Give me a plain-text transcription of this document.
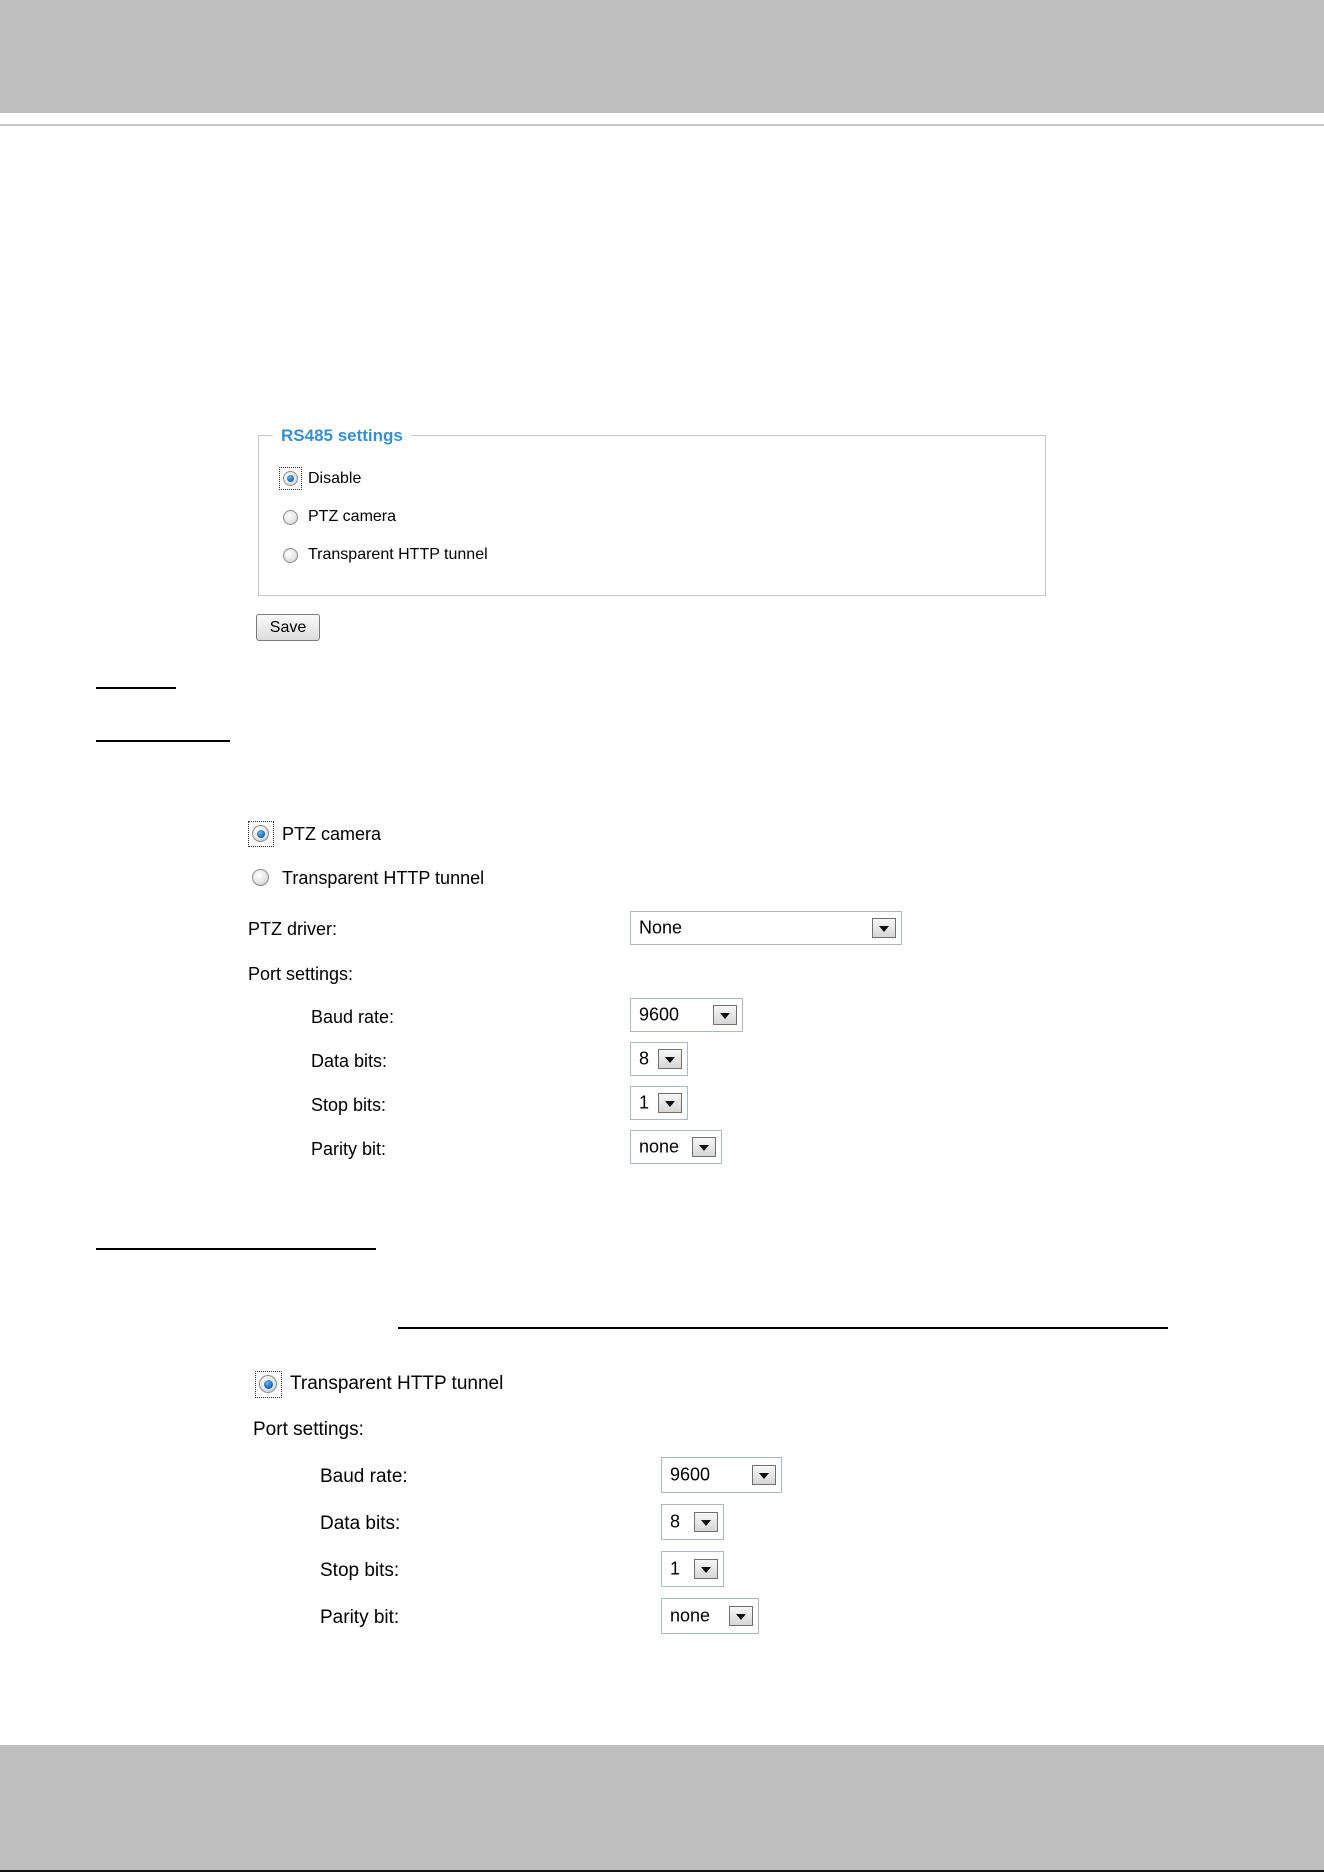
RS485 settings
Disable
PTZ camera
Transparent HTTP tunnel
Save
PTZ camera
Transparent HTTP tunnel
PTZ driver:	None
Port settings:
Baud rate:	9600
Data bits:	8
Stop bits:	1
Parity bit:	none
Transparent HTTP tunnel
Port settings:
Baud rate:	9600
Data bits:	8
Stop bits:	1
Parity bit:	none
